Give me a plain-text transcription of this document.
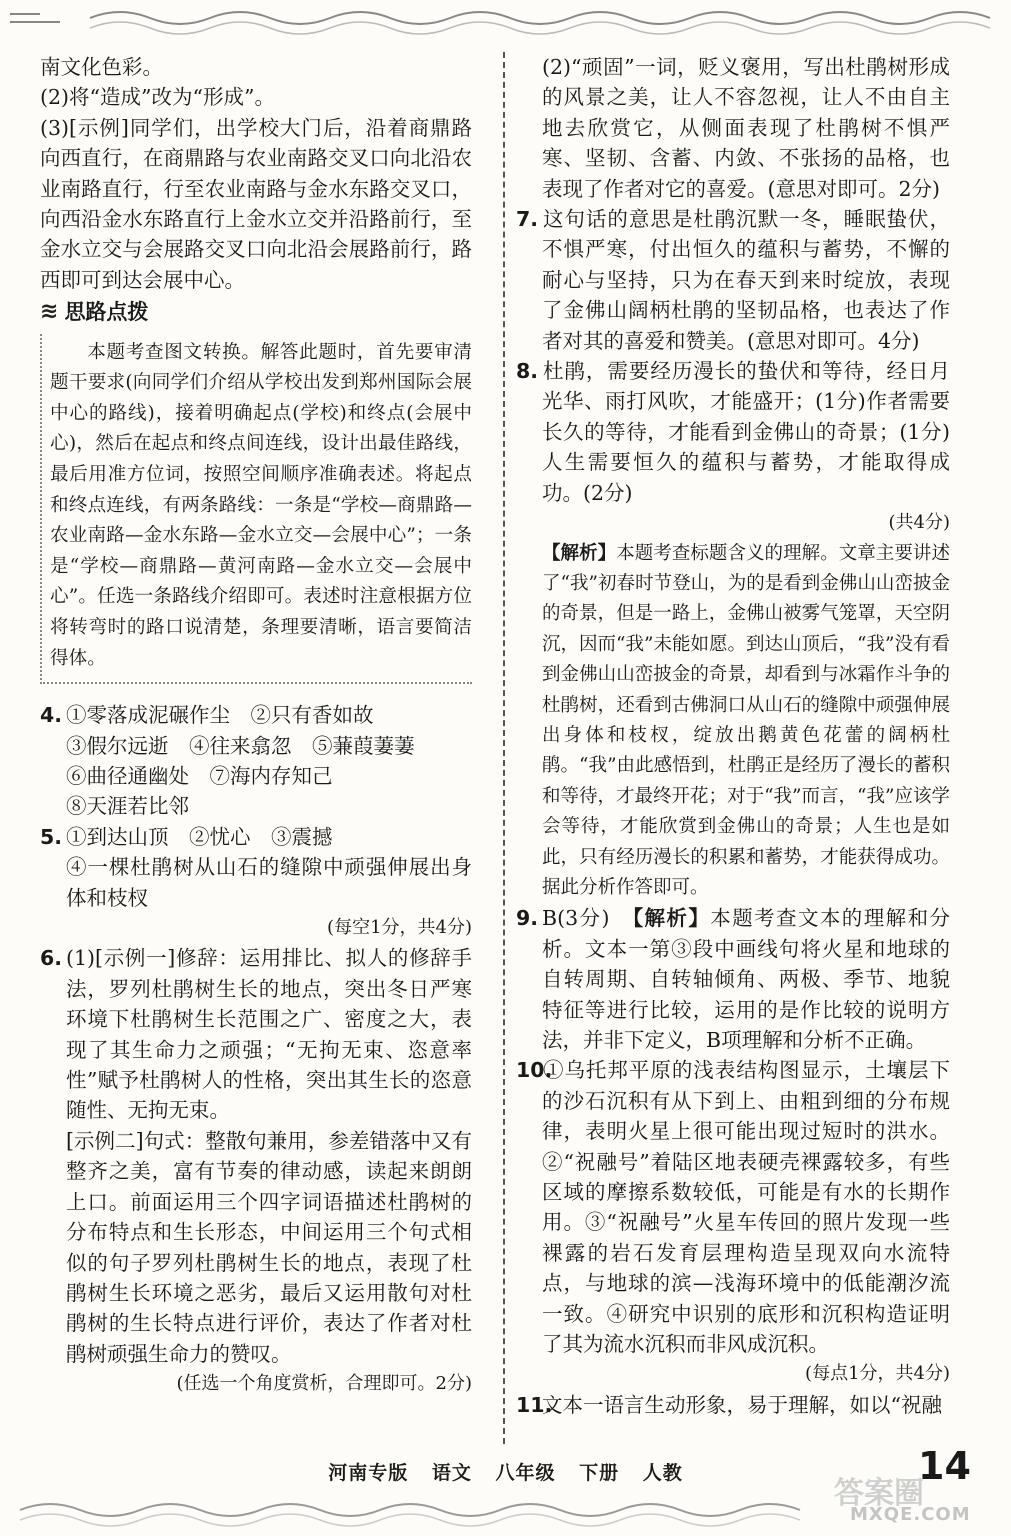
南文化色彩。

(2)将“造成”改为“形成”。

(3)[示例]同学们，出学校大门后，沿着商鼎路向西直行，在商鼎路与农业南路交叉口向北沿农业南路直行，行至农业南路与金水东路交叉口，向西沿金水东路直行上金水立交并沿路前行，至金水立交与会展路交叉口向北沿会展路前行，路西即可到达会展中心。

≋ 思路点拨

本题考查图文转换。解答此题时，首先要审清题干要求(向同学们介绍从学校出发到郑州国际会展中心的路线)，接着明确起点(学校)和终点(会展中心)，然后在起点和终点间连线，设计出最佳路线，最后用准方位词，按照空间顺序准确表述。将起点和终点连线，有两条路线：一条是“学校—商鼎路—农业南路—金水东路—金水立交—会展中心”；一条是“学校—商鼎路—黄河南路—金水立交—会展中心”。任选一条路线介绍即可。表述时注意根据方位将转弯时的路口说清楚，条理要清晰，语言要简洁得体。

4. ①零落成泥碾作尘　②只有香如故

③假尔远逝　④往来翕忽　⑤蒹葭萋萋

⑥曲径通幽处　⑦海内存知己

⑧天涯若比邻

5. ①到达山顶　②忧心　③震撼

④一棵杜鹃树从山石的缝隙中顽强伸展出身体和枝杈

(每空1分，共4分)

6. (1)[示例一]修辞：运用排比、拟人的修辞手法，罗列杜鹃树生长的地点，突出冬日严寒环境下杜鹃树生长范围之广、密度之大，表现了其生命力之顽强；“无拘无束、恣意率性”赋予杜鹃树人的性格，突出其生长的恣意随性、无拘无束。

[示例二]句式：整散句兼用，参差错落中又有整齐之美，富有节奏的律动感，读起来朗朗上口。前面运用三个四字词语描述杜鹃树的分布特点和生长形态，中间运用三个句式相似的句子罗列杜鹃树生长的地点，表现了杜鹃树生长环境之恶劣，最后又运用散句对杜鹃树的生长特点进行评价，表达了作者对杜鹃树顽强生命力的赞叹。

(任选一个角度赏析，合理即可。2分)

(2)“顽固”一词，贬义褒用，写出杜鹃树形成的风景之美，让人不容忽视，让人不由自主地去欣赏它，从侧面表现了杜鹃树不惧严寒、坚韧、含蓄、内敛、不张扬的品格，也表现了作者对它的喜爱。(意思对即可。2分)

7. 这句话的意思是杜鹃沉默一冬，睡眠蛰伏，不惧严寒，付出恒久的蕴积与蓄势，不懈的耐心与坚持，只为在春天到来时绽放，表现了金佛山阔柄杜鹃的坚韧品格，也表达了作者对其的喜爱和赞美。(意思对即可。4分)

8. 杜鹃，需要经历漫长的蛰伏和等待，经日月光华、雨打风吹，才能盛开；(1分)作者需要长久的等待，才能看到金佛山的奇景；(1分)人生需要恒久的蕴积与蓄势，才能取得成功。(2分)

(共4分)

【解析】本题考查标题含义的理解。文章主要讲述了“我”初春时节登山，为的是看到金佛山山峦披金的奇景，但是一路上，金佛山被雾气笼罩，天空阴沉，因而“我”未能如愿。到达山顶后，“我”没有看到金佛山山峦披金的奇景，却看到与冰霜作斗争的杜鹃树，还看到古佛洞口从山石的缝隙中顽强伸展出身体和枝杈，绽放出鹅黄色花蕾的阔柄杜鹃。“我”由此感悟到，杜鹃正是经历了漫长的蓄积和等待，才最终开花；对于“我”而言，“我”应该学会等待，才能欣赏到金佛山的奇景；人生也是如此，只有经历漫长的积累和蓄势，才能获得成功。据此分析作答即可。

9. B(3分)　 【解析】本题考查文本的理解和分析。文本一第③段中画线句将火星和地球的自转周期、自转轴倾角、两极、季节、地貌特征等进行比较，运用的是作比较的说明方法，并非下定义，B项理解和分析不正确。

10.①乌托邦平原的浅表结构图显示，土壤层下的沙石沉积有从下到上、由粗到细的分布规律，表明火星上很可能出现过短时的洪水。②“祝融号”着陆区地表硬壳裸露较多，有些区域的摩擦系数较低，可能是有水的长期作用。③“祝融号”火星车传回的照片发现一些裸露的岩石发育层理构造呈现双向水流特点，与地球的滨—浅海环境中的低能潮汐流一致。④研究中识别的底形和沉积构造证明了其为流水沉积而非风成沉积。

(每点1分，共4分)

11.文本一语言生动形象，易于理解，如以“祝融

河南专版 语文 八年级 下册 人教
答案圈
MXQE.COM
14
